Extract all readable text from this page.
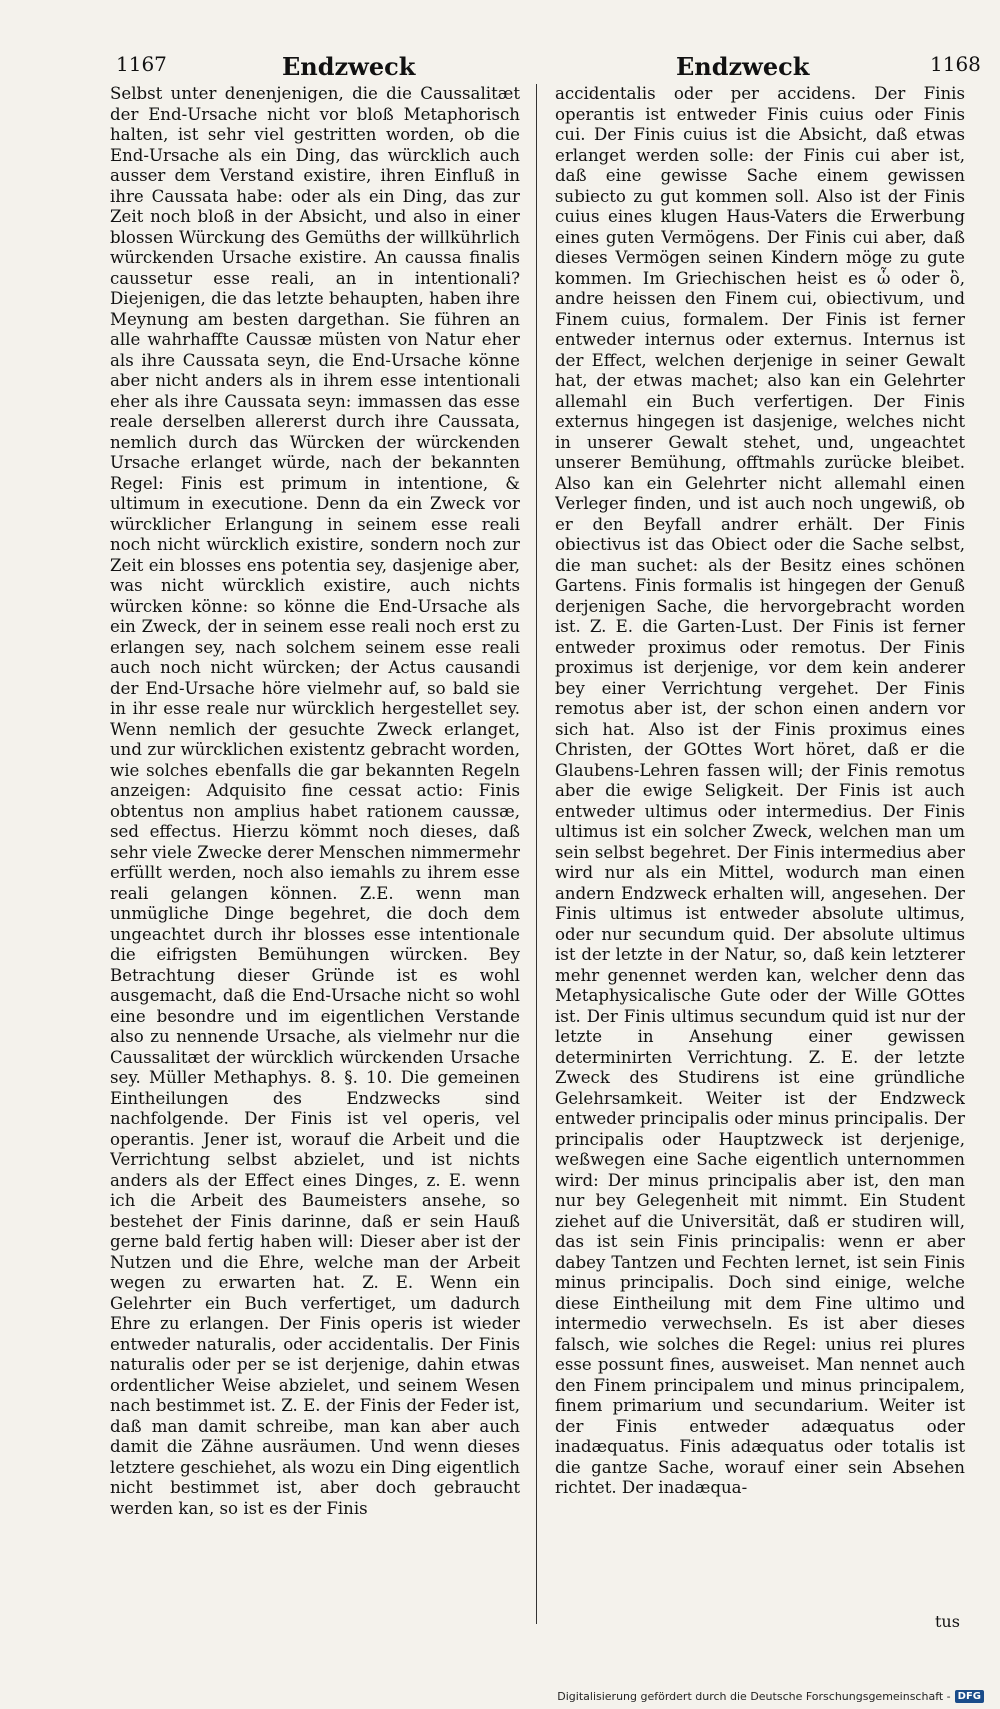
1167	Endzweck	Endzweck	1168

Selbst unter denenjenigen, die die Caussalitæt der End-Ursache nicht vor bloß Metaphorisch halten, ist sehr viel gestritten worden, ob die End-Ursache als ein Ding, das würcklich auch ausser dem Verstand existire, ihren Einfluß in ihre Caussata habe: oder als ein Ding, das zur Zeit noch bloß in der Absicht, und also in einer blossen Würckung des Gemüths der willkührlich würckenden Ursache existire. An caussa finalis caussetur esse reali, an in intentionali? Diejenigen, die das letzte behaupten, haben ihre Meynung am besten dargethan. Sie führen an alle wahrhaffte Caussæ müsten von Natur eher als ihre Caussata seyn, die End-Ursache könne aber nicht anders als in ihrem esse intentionali eher als ihre Caussata seyn: immassen das esse reale derselben allererst durch ihre Caussata, nemlich durch das Würcken der würckenden Ursache erlanget würde, nach der bekannten Regel: Finis est primum in intentione, & ultimum in executione. Denn da ein Zweck vor würcklicher Erlangung in seinem esse reali noch nicht würcklich existire, sondern noch zur Zeit ein blosses ens potentia sey, dasjenige aber, was nicht würcklich existire, auch nichts würcken könne: so könne die End-Ursache als ein Zweck, der in seinem esse reali noch erst zu erlangen sey, nach solchem seinem esse reali auch noch nicht würcken; der Actus causandi der End-Ursache höre vielmehr auf, so bald sie in ihr esse reale nur würcklich hergestellet sey. Wenn nemlich der gesuchte Zweck erlanget, und zur würcklichen existentz gebracht worden, wie solches ebenfalls die gar bekannten Regeln anzeigen: Adquisito fine cessat actio: Finis obtentus non amplius habet rationem caussæ, sed effectus. Hierzu kömmt noch dieses, daß sehr viele Zwecke derer Menschen nimmermehr erfüllt werden, noch also iemahls zu ihrem esse reali gelangen können. Z.E. wenn man unmügliche Dinge begehret, die doch dem ungeachtet durch ihr blosses esse intentionale die eifrigsten Bemühungen würcken. Bey Betrachtung dieser Gründe ist es wohl ausgemacht, daß die End-Ursache nicht so wohl eine besondre und im eigentlichen Verstande also zu nennende Ursache, als vielmehr nur die Caussalitæt der würcklich würckenden Ursache sey. Müller Methaphys. 8. §. 10. Die gemeinen Eintheilungen des Endzwecks sind nachfolgende. Der Finis ist vel operis, vel operantis. Jener ist, worauf die Arbeit und die Verrichtung selbst abzielet, und ist nichts anders als der Effect eines Dinges, z. E. wenn ich die Arbeit des Baumeisters ansehe, so bestehet der Finis darinne, daß er sein Hauß gerne bald fertig haben will: Dieser aber ist der Nutzen und die Ehre, welche man der Arbeit wegen zu erwarten hat. Z. E. Wenn ein Gelehrter ein Buch verfertiget, um dadurch Ehre zu erlangen. Der Finis operis ist wieder entweder naturalis, oder accidentalis. Der Finis naturalis oder per se ist derjenige, dahin etwas ordentlicher Weise abzielet, und seinem Wesen nach bestimmet ist. Z. E. der Finis der Feder ist, daß man damit schreibe, man kan aber auch damit die Zähne ausräumen. Und wenn dieses letztere geschiehet, als wozu ein Ding eigentlich nicht bestimmet ist, aber doch gebraucht werden kan, so ist es der Finis

accidentalis oder per accidens. Der Finis operantis ist entweder Finis cuius oder Finis cui. Der Finis cuius ist die Absicht, daß etwas erlanget werden solle: der Finis cui aber ist, daß eine gewisse Sache einem gewissen subiecto zu gut kommen soll. Also ist der Finis cuius eines klugen Haus-Vaters die Erwerbung eines guten Vermögens. Der Finis cui aber, daß dieses Vermögen seinen Kindern möge zu gute kommen. Im Griechischen heist es ὧ oder ὃ, andre heissen den Finem cui, obiectivum, und Finem cuius, formalem. Der Finis ist ferner entweder internus oder externus. Internus ist der Effect, welchen derjenige in seiner Gewalt hat, der etwas machet; also kan ein Gelehrter allemahl ein Buch verfertigen. Der Finis externus hingegen ist dasjenige, welches nicht in unserer Gewalt stehet, und, ungeachtet unserer Bemühung, offtmahls zurücke bleibet. Also kan ein Gelehrter nicht allemahl einen Verleger finden, und ist auch noch ungewiß, ob er den Beyfall andrer erhält. Der Finis obiectivus ist das Obiect oder die Sache selbst, die man suchet: als der Besitz eines schönen Gartens. Finis formalis ist hingegen der Genuß derjenigen Sache, die hervorgebracht worden ist. Z. E. die Garten-Lust. Der Finis ist ferner entweder proximus oder remotus. Der Finis proximus ist derjenige, vor dem kein anderer bey einer Verrichtung vergehet. Der Finis remotus aber ist, der schon einen andern vor sich hat. Also ist der Finis proximus eines Christen, der GOttes Wort höret, daß er die Glaubens-Lehren fassen will; der Finis remotus aber die ewige Seligkeit. Der Finis ist auch entweder ultimus oder intermedius. Der Finis ultimus ist ein solcher Zweck, welchen man um sein selbst begehret. Der Finis intermedius aber wird nur als ein Mittel, wodurch man einen andern Endzweck erhalten will, angesehen. Der Finis ultimus ist entweder absolute ultimus, oder nur secundum quid. Der absolute ultimus ist der letzte in der Natur, so, daß kein letzterer mehr genennet werden kan, welcher denn das Metaphysicalische Gute oder der Wille GOttes ist. Der Finis ultimus secundum quid ist nur der letzte in Ansehung einer gewissen determinirten Verrichtung. Z. E. der letzte Zweck des Studirens ist eine gründliche Gelehrsamkeit. Weiter ist der Endzweck entweder principalis oder minus principalis. Der principalis oder Hauptzweck ist derjenige, weßwegen eine Sache eigentlich unternommen wird: Der minus principalis aber ist, den man nur bey Gelegenheit mit nimmt. Ein Student ziehet auf die Universität, daß er studiren will, das ist sein Finis principalis: wenn er aber dabey Tantzen und Fechten lernet, ist sein Finis minus principalis. Doch sind einige, welche diese Eintheilung mit dem Fine ultimo und intermedio verwechseln. Es ist aber dieses falsch, wie solches die Regel: unius rei plures esse possunt fines, ausweiset. Man nennet auch den Finem principalem und minus principalem, finem primarium und secundarium. Weiter ist der Finis entweder adæquatus oder inadæquatus. Finis adæquatus oder totalis ist die gantze Sache, worauf einer sein Absehen richtet. Der inadæqua-

tus
Digitalisierung gefördert durch die Deutsche Forschungsgemeinschaft - DFG
